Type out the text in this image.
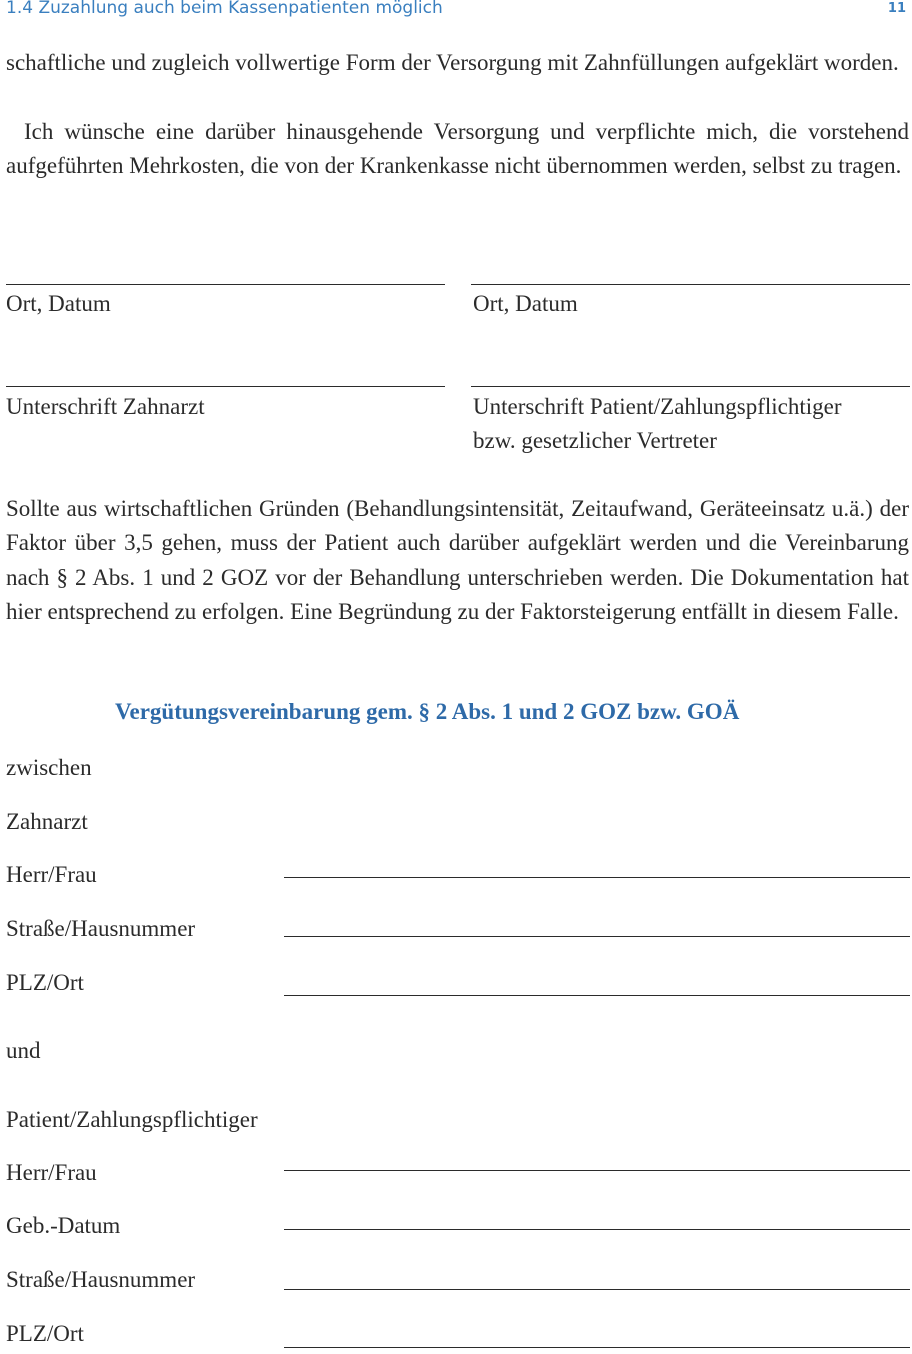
1.4 Zuzahlung auch beim Kassenpatienten möglich	11

schaftliche und zugleich vollwertige Form der Versorgung mit Zahnfüllungen aufgeklärt worden.

Ich wünsche eine darüber hinausgehende Versorgung und verpflichte mich, die vorstehend aufgeführten Mehrkosten, die von der Krankenkasse nicht übernommen werden, selbst zu tragen.

Ort, Datum	Ort, Datum
Unterschrift Zahnarzt	Unterschrift Patient/Zahlungspflichtiger
bzw. gesetzlicher Vertreter

Sollte aus wirtschaftlichen Gründen (Behandlungsintensität, Zeitaufwand, Geräteeinsatz u.ä.) der Faktor über 3,5 gehen, muss der Patient auch darüber aufgeklärt werden und die Vereinbarung nach § 2 Abs. 1 und 2 GOZ vor der Behandlung unterschrieben werden. Die Dokumentation hat hier entsprechend zu erfolgen. Eine Begründung zu der Faktorsteigerung entfällt in diesem Falle.

Vergütungsvereinbarung gem. § 2 Abs. 1 und 2 GOZ bzw. GOÄ
zwischen
Zahnarzt
Herr/Frau
Straße/Hausnummer
PLZ/Ort
und
Patient/Zahlungspflichtiger
Herr/Frau
Geb.-Datum
Straße/Hausnummer
PLZ/Ort
